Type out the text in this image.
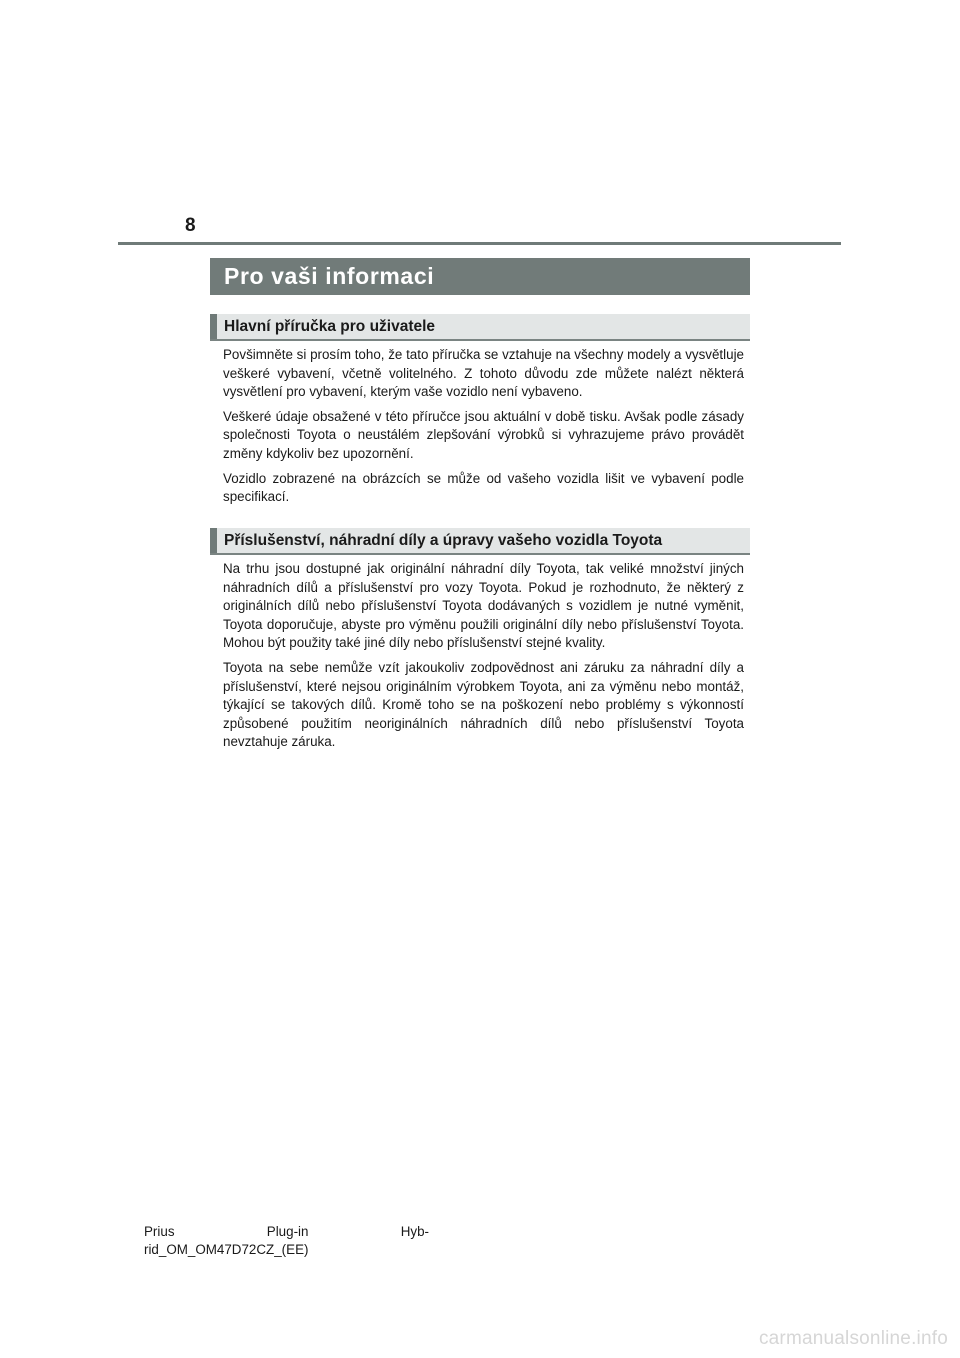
8
Pro vaši informaci
Hlavní příručka pro uživatele

Povšimněte si prosím toho, že tato příručka se vztahuje na všechny modely a vysvětluje veškeré vybavení, včetně volitelného. Z tohoto důvodu zde můžete nalézt některá vysvětlení pro vybavení, kterým vaše vozidlo není vybaveno.

Veškeré údaje obsažené v této příručce jsou aktuální v době tisku. Avšak podle zásady společnosti Toyota o neustálém zlepšování výrobků si vyhrazujeme právo provádět změny kdykoliv bez upozornění.

Vozidlo zobrazené na obrázcích se může od vašeho vozidla lišit ve vybavení podle specifikací.

Příslušenství, náhradní díly a úpravy vašeho vozidla Toyota

Na trhu jsou dostupné jak originální náhradní díly Toyota, tak veliké množství jiných náhradních dílů a příslušenství pro vozy Toyota. Pokud je rozhodnuto, že některý z originálních dílů nebo příslušenství Toyota dodávaných s vozidlem je nutné vyměnit, Toyota doporučuje, abyste pro výměnu použili originální díly nebo příslušenství Toyota. Mohou být použity také jiné díly nebo příslušenství stejné kvality.

Toyota na sebe nemůže vzít jakoukoliv zodpovědnost ani záruku za náhradní díly a příslušenství, které nejsou originálním výrobkem Toyota, ani za výměnu nebo montáž, týkající se takových dílů. Kromě toho se na poškození nebo problémy s výkonností způsobené použitím neoriginálních náhradních dílů nebo příslušenství Toyota nevztahuje záruka.

Prius	Plug-in	Hyb-
rid_OM_OM47D72CZ_(EE)
carmanualsonline.info
